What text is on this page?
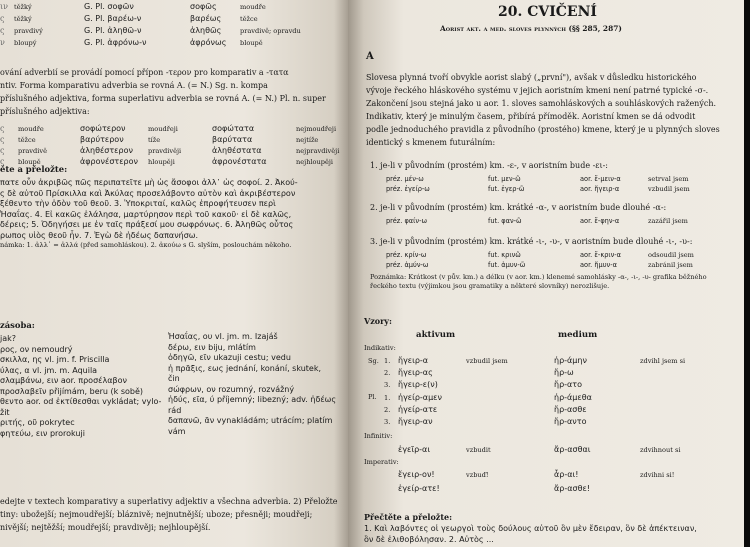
ιν těžký	G. Pl. σοφῶν	σοφῶς	moudře
ς těžký	G. Pl. βαρέω-ν	βαρέως	těžce
ς pravdivý	G. Pl. ἀληθῶ-ν	ἀληθῶς	pravdivě; opravdu
ν bloupý	G. Pl. ἀφρόνω-ν	ἀφρόνως bloupě
ování adverbií se provádí pomocí přípon -τερον pro komparativ a -τατα
ntiv. Forma komparativu adverbia se rovná A. (= N.) Sg. n. kompa
příslušného adjektiva, forma superlativu adverbia se rovná A. (= N.) Pl. n. super
příslušného adjektiva:
ς moudře	σοφώτερον	moudřeji	σοφώτατα	nejmoudřeji
ς těžce	βαρύτερον	tíže	βαρύτατα	nejtíže
ς pravdivě	ἀληθέστερον pravdivěji	ἀληθέστατα	nejpravdivěji
ς bloupě	ἀφρονέστερον hloupěji	ἀφρονέστατα	nejhloupěji
ěte a přeložte:
πατε οὖν ἀκριβῶς πῶς περιπατεῖτε μὴ ὡς ἄσοφοι ἀλλ᾽ ὡς σοφοί. 2. Ἀκού-
ς δὲ αὐτοῦ Πρίσκιλλα καὶ Ἀκύλας προσελάβοντο αὐτὸν καὶ ἀκριβέστερον
ξέθεντο τὴν ὁδὸν τοῦ θεοῦ. 3. Ὑποκριταί, καλῶς ἐπροφήτευσεν περὶ
Ἠσαΐας. 4. Εἰ κακῶς ἐλάλησα, μαρτύρησον περὶ τοῦ κακοῦ· εἰ δὲ καλῶς,
δέρεις; 5. Ὀδηγήσει με ἐν ταῖς πράξεσί μου σωφρόνως. 6. Ἀληθῶς οὗτος
ρωπος υἱὸς θεοῦ ἦν. 7. Ἐγὼ δὲ ἡδέως δαπανήσω.
námka: 1. ἀλλ᾽ = ἀλλά (před samohláskou). 2. ἀκούω s G. slyším, poslouchám někoho.
zásoba:
jak?
ρος, ον nemoudrý
σκιλλα, ης vl. jm. f. Priscilla
ύλας, α vl. jm. m. Aquila
σλαμβάνω, ειν aor. προσέλαβον
προσλαβεῖν přijímám, beru (k sobě)
θεντο aor. od ἐκτίθεσθαι vykládat; vylo-
žit
ριτής, οῦ pokrytec
φητεύω, ειν prorokuji
Ἠσαΐας, ου vl. jm. m. Izajáš
δέρω, ειν biju, mlátím
ὁδηγῶ, εῖν ukazuji cestu; vedu
ἡ πρᾶξις, εως jednání, konání, skutek,
čin
σώφρων, ον rozumný, rozvážný
ἡδύς, εῖα, ύ příjemný; libezný; adv. ἡδέως
rád
δαπανῶ, ᾶν vynakládám; utrácím; platím
vám
edejte v textech komparativy a superlativy adjektiv a všechna adverbia. 2) Přeložte
tiny: ubožejší; nejmoudřejší; bláznivě; nejnutnější; uboze; přesněji; moudřeji;
nivější; nejtěžší; moudřejší; pravdivěji; nejhloupější.
20. CVIČENÍ
Aorist akt. a med. sloves plynných (§§ 285, 287)
A
Slovesa plynná tvoří obvykle aorist slabý („první"), avšak v důsledku historického
vývoje řeckého hláskového systému v jejich aoristním kmeni není patrné typické -σ-.
Zakončení jsou stejná jako u aor. 1. sloves samohláskových a souhláskových ražených.
Indikativ, který je minulým časem, přibírá přímoděk. Aoristní kmen se dá odvodit
podle jednoduchého pravidla z původního (prostého) kmene, který je u plynných sloves
identický s kmenem futurálním:
1. je-li v původním (prostém) km. -ε-, v aoristním bude -ει-:
préz. μέν-ω	fut. μεν-ῶ	aor. ἔ-μειν-α	setrval jsem
préz. ἐγείρ-ω	fut. ἐγερ-ῶ	aor. ἤγειρ-α	vzbudil jsem
2. je-li v původním (prostém) km. krátké -α-, v aoristním bude dlouhé -α-:
préz. φαίν-ω	fut. φαν-ῶ	aor. ἔ-φην-α	zazářil jsem
3. je-li v původním (prostém) km. krátké -ι-, -υ-, v aoristním bude dlouhé -ι-, -υ-:
préz. κρίν-ω	fut. κρινῶ	aor. ἔ-κριν-α	odsoudil jsem
préz. ἀμύν-ω	fut. ἀμυν-ῶ	aor. ἤμυν-α	zabránil jsem
Poznámka: Krátkost (v pův. km.) a délku (v aor. km.) klenemé samohlásky -α-, -ι-, -υ- grafika běžného řeckého textu (výjimkou jsou gramatiky a některé slovníky) nerozlišuje.
Vzory:
aktivum	medium
Indikativ:
Sg.
Pl.
1. ἤγειρ-α	vzbudil jsem	ἠρ-άμην	zdvihl jsem si
2. ἤγειρ-ας	ἤρ-ω
3. ἤγειρ-ε(ν)	ἤρ-ατο
1. ἠγείρ-αμεν	ἠρ-άμεθα
2. ἠγείρ-ατε	ἤρ-ασθε
3. ἤγειρ-αν	ἤρ-αντο
Infinitiv:
ἐγεῖρ-αι	vzbudit	ἄρ-ασθαι	zdvihnout si
Imperativ:
ἔγειρ-ον!	vzbuď!	ἆρ-αι!	zdvihni si!
ἐγείρ-ατε!	ἄρ-ασθε!
Přečtěte a přeložte:
1. Καὶ λαβόντες οἱ γεωργοὶ τοὺς δούλους αὐτοῦ ὃν μὲν ἔδειραν, ὃν δὲ ἀπέκτειναν,
ὃν δὲ ἐλιθοβόλησαν. 2. Αὐτὸς ...
